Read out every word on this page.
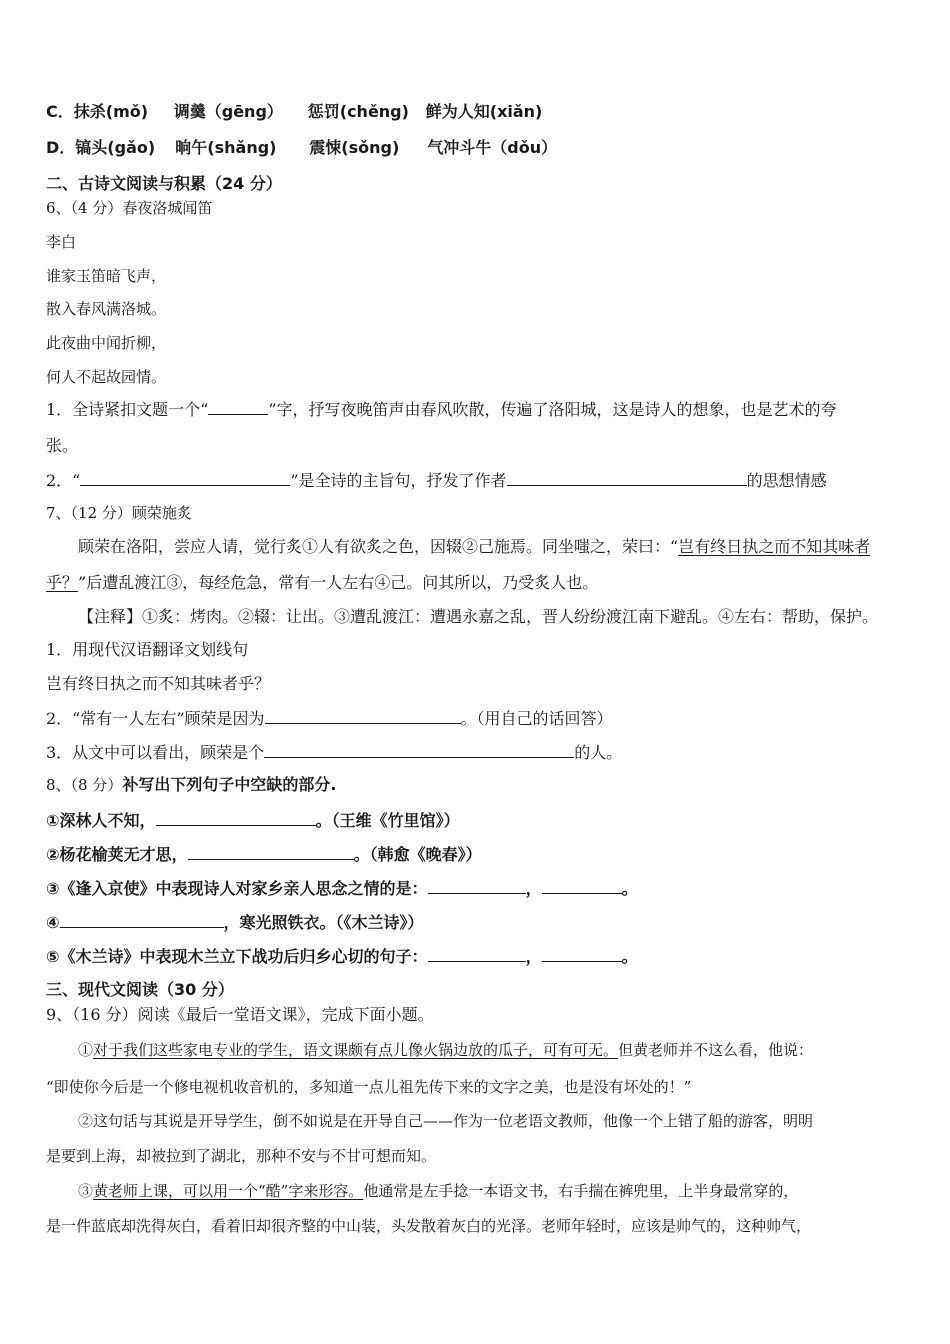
C．抹杀(mǒ) 调羹（gēng） 惩罚(chěng) 鲜为人知(xiǎn)
D．镐头(gǎo) 晌午(shǎng) 震悚(sǒng) 气冲斗牛（dǒu）
二、古诗文阅读与积累（24 分）
6、（4 分）春夜洛城闻笛
李白
谁家玉笛暗飞声，
散入春风满洛城。
此夜曲中闻折柳，
何人不起故园情。
1．全诗紧扣文题一个“	”字，抒写夜晚笛声由春风吹散，传遍了洛阳城，这是诗人的想象，也是艺术的夸
张。
2．“	”是全诗的主旨句，抒发了作者	的思想情感
7、（12 分）顾荣施炙
顾荣在洛阳，尝应人请，觉行炙①人有欲炙之色，因辍②己施焉。同坐嗤之，荣曰：“岂有终日执之而不知其味者
乎？”后遭乱渡江③，每经危急，常有一人左右④己。问其所以，乃受炙人也。
【注释】①炙：烤肉。②辍：让出。③遭乱渡江：遭遇永嘉之乱，晋人纷纷渡江南下避乱。④左右：帮助，保护。
1．用现代汉语翻译文划线句
岂有终日执之而不知其味者乎？
2．“常有一人左右”顾荣是因为	。（用自己的话回答）
3．从文中可以看出，顾荣是个	的人。
8、（8 分）补写出下列句子中空缺的部分.
①深林人不知，	。（王维《竹里馆》）
②杨花榆荚无才思，	。（韩愈《晚春》）
③《逢入京使》中表现诗人对家乡亲人思念之情的是：	，	。
④	，寒光照铁衣。（《木兰诗》）
⑤《木兰诗》中表现木兰立下战功后归乡心切的句子：	，	。
三、现代文阅读（30 分）
9、（16 分）阅读《最后一堂语文课》，完成下面小题。
①对于我们这些家电专业的学生，语文课颇有点儿像火锅边放的瓜子，可有可无。但黄老师并不这么看，他说：
“即使你今后是一个修电视机收音机的，多知道一点儿祖先传下来的文字之美，也是没有坏处的！”
②这句话与其说是开导学生，倒不如说是在开导自己——作为一位老语文教师，他像一个上错了船的游客，明明
是要到上海，却被拉到了湖北，那种不安与不甘可想而知。
③黄老师上课，可以用一个“酷”字来形容。他通常是左手捻一本语文书，右手揣在裤兜里，上半身最常穿的，
是一件蓝底却洗得灰白，看着旧却很齐整的中山装，头发散着灰白的光泽。老师年轻时，应该是帅气的，这种帅气，
